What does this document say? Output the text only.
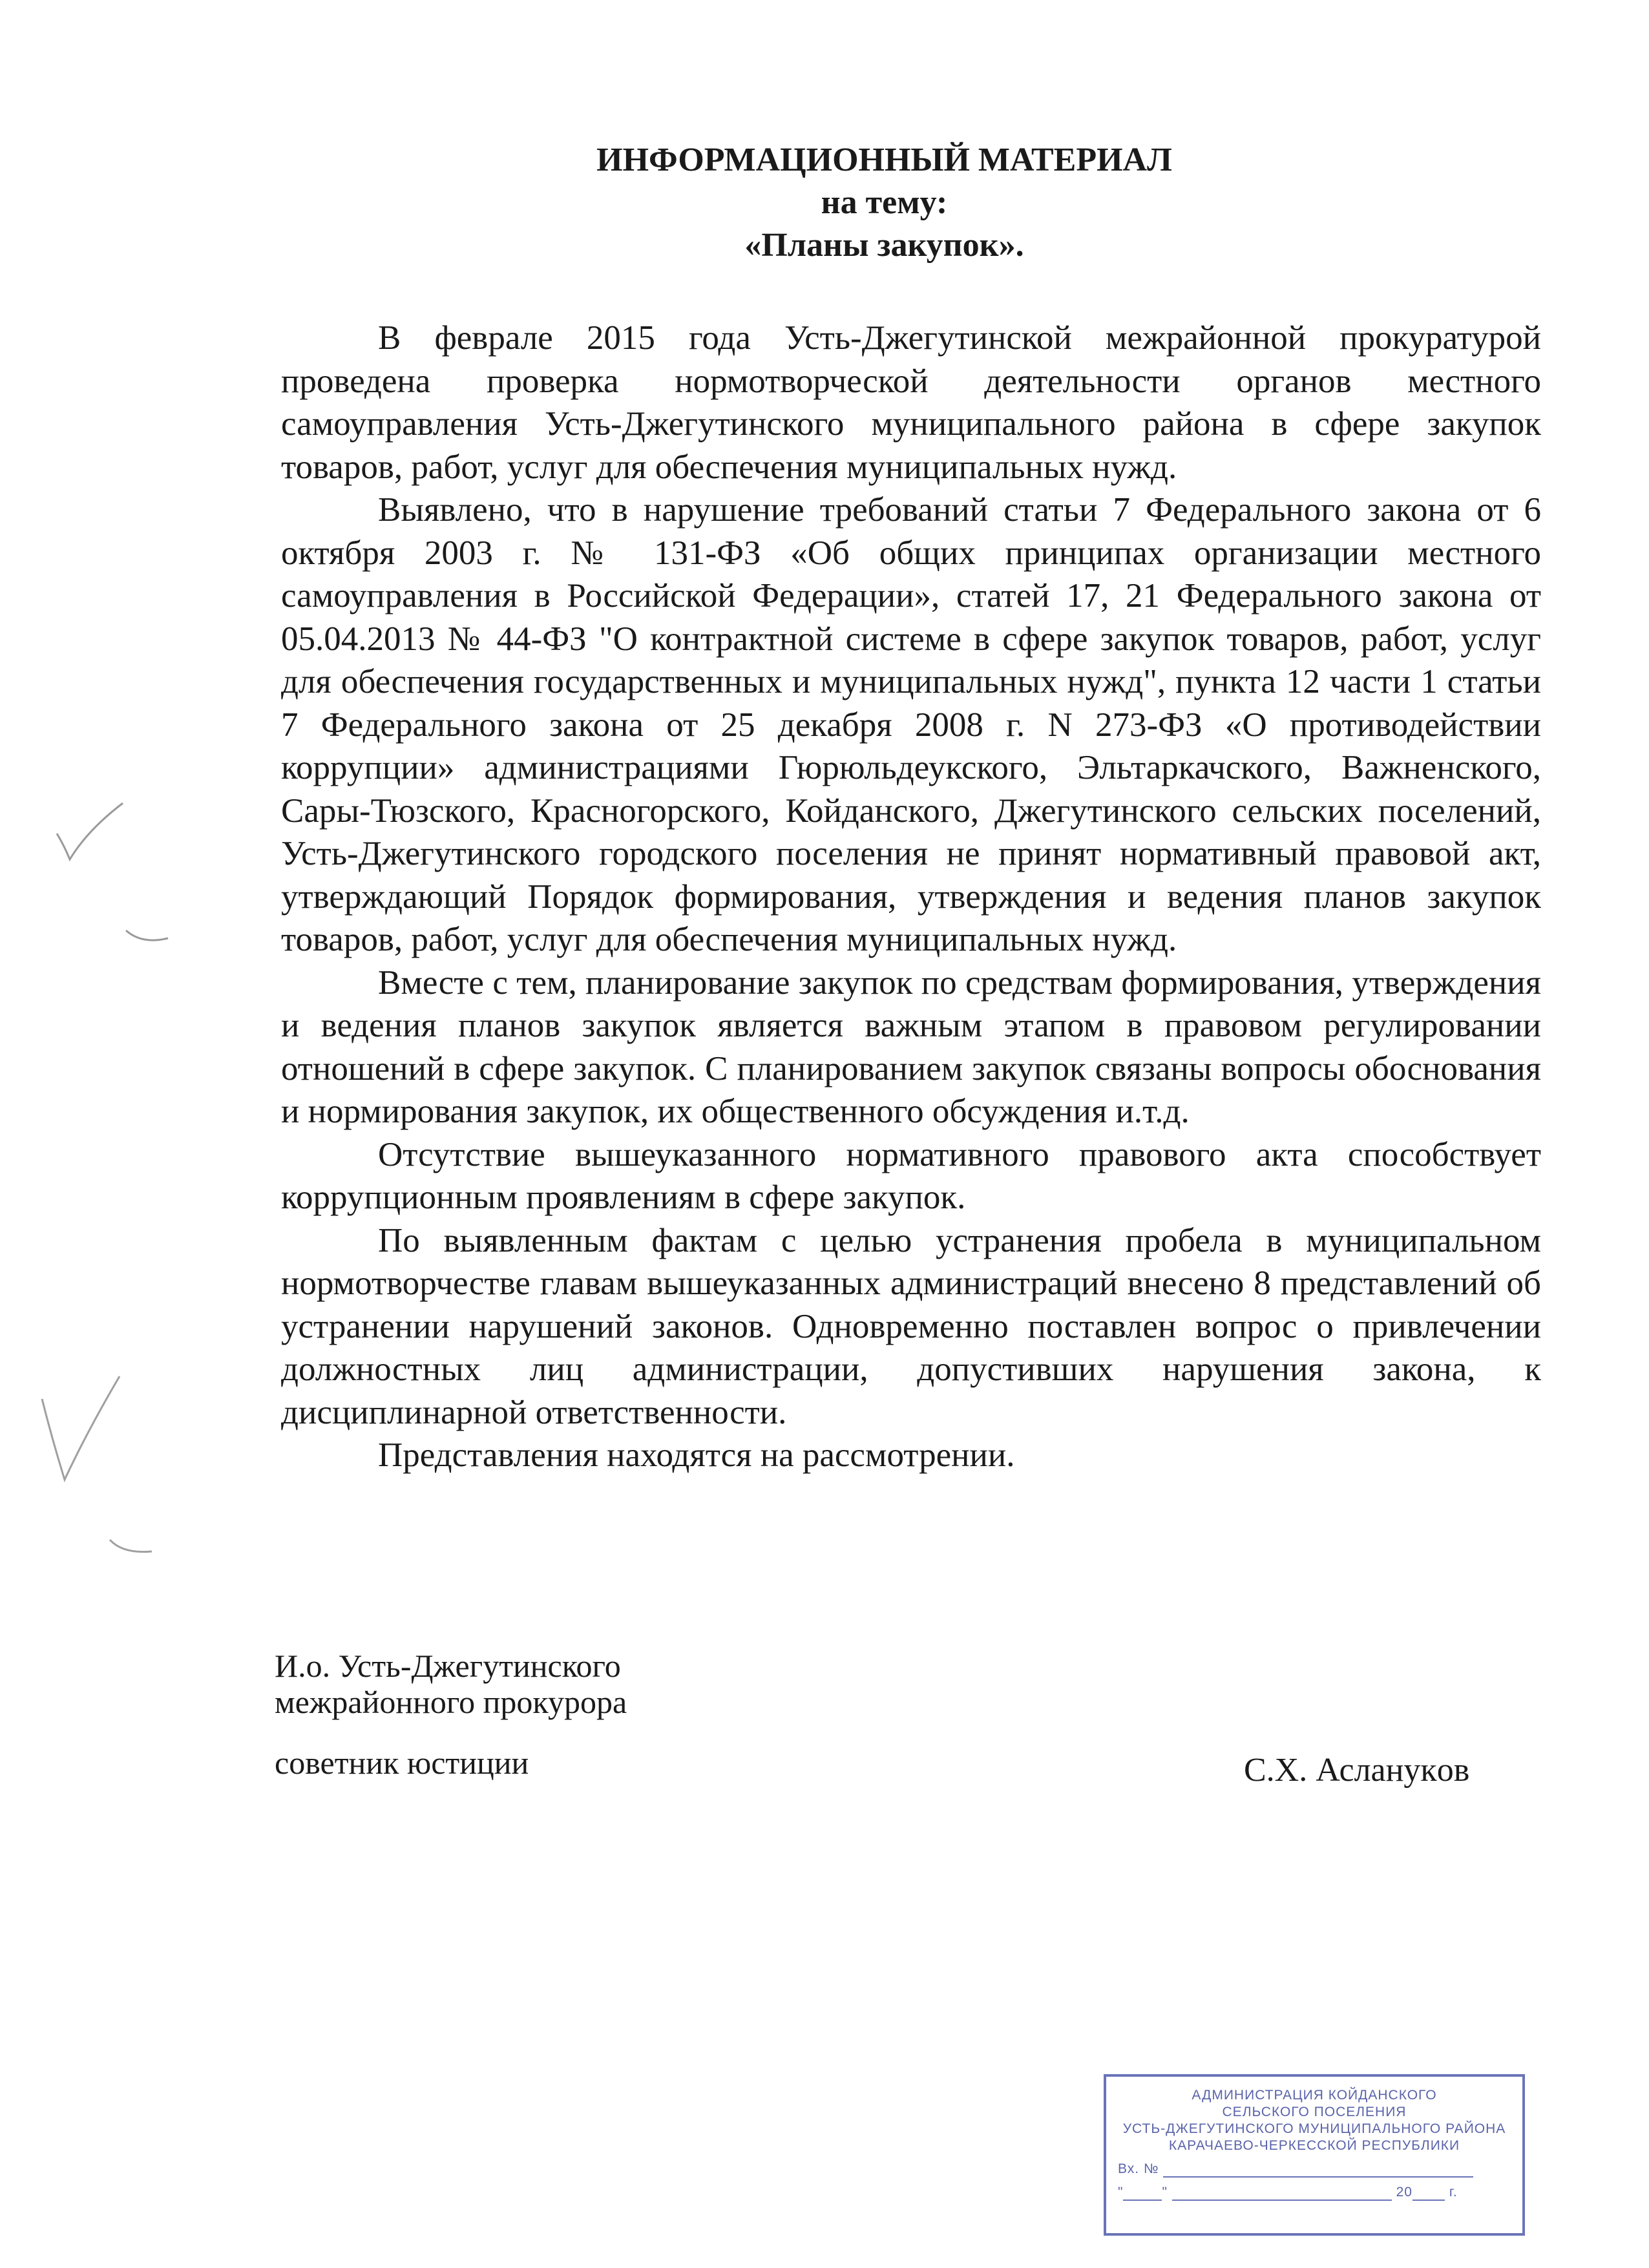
ИНФОРМАЦИОННЫЙ МАТЕРИАЛ
на тему:
«Планы закупок».

В феврале 2015 года Усть-Джегутинской межрайонной прокуратурой проведена проверка нормотворческой деятельности органов местного самоуправления Усть-Джегутинского муниципального района в сфере закупок товаров, работ, услуг для обеспечения муниципальных нужд.

Выявлено, что в нарушение требований статьи 7 Федерального закона от 6 октября 2003 г. № 131-ФЗ «Об общих принципах организации местного самоуправления в Российской Федерации», статей 17, 21 Федерального закона от 05.04.2013 № 44-ФЗ "О контрактной системе в сфере закупок товаров, работ, услуг для обеспечения государственных и муниципальных нужд", пункта 12 части 1 статьи 7 Федерального закона от 25 декабря 2008 г. N 273-ФЗ «О противодействии коррупции» администрациями Гюрюльдеукского, Эльтаркачского, Важненского, Сары-Тюзского, Красногорского, Койданского, Джегутинского сельских поселений, Усть-Джегутинского городского поселения не принят нормативный правовой акт, утверждающий Порядок формирования, утверждения и ведения планов закупок товаров, работ, услуг для обеспечения муниципальных нужд.

Вместе с тем, планирование закупок по средствам формирования, утверждения и ведения планов закупок является важным этапом в правовом регулировании отношений в сфере закупок. С планированием закупок связаны вопросы обоснования и нормирования закупок, их общественного обсуждения и.т.д.

Отсутствие вышеуказанного нормативного правового акта способствует коррупционным проявлениям в сфере закупок.

По выявленным фактам с целью устранения пробела в муниципальном нормотворчестве главам вышеуказанных администраций внесено 8 представлений об устранении нарушений законов. Одновременно поставлен вопрос о привлечении должностных лиц администрации, допустивших нарушения закона, к дисциплинарной ответственности.

Представления находятся на рассмотрении.

И.о. Усть-Джегутинского
межрайонного прокурора
советник юстиции	С.Х. Асланукoв
АДМИНИСТРАЦИЯ КОЙДАНСКОГО
СЕЛЬСКОГО ПОСЕЛЕНИЯ
УСТЬ-ДЖЕГУТИНСКОГО МУНИЦИПАЛЬНОГО РАЙОНА
КАРАЧАЕВО-ЧЕРКЕССКОЙ РЕСПУБЛИКИ
Вх. №
"	"	20	г.
